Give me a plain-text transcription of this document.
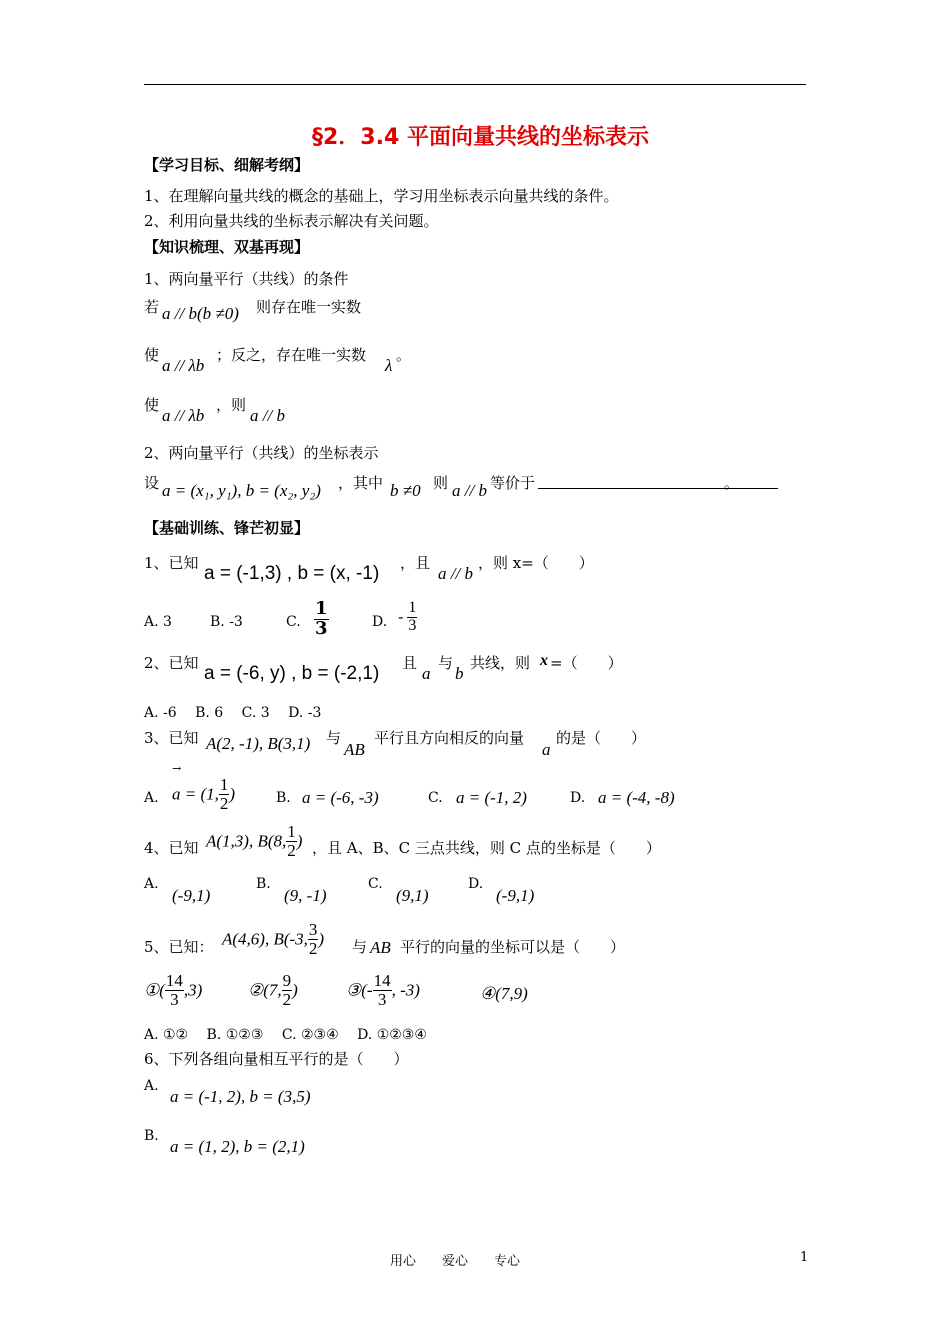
§2．3.4 平面向量共线的坐标表示
【学习目标、细解考纲】
1、在理解向量共线的概念的基础上，学习用坐标表示向量共线的条件。
2、利用向量共线的坐标表示解决有关问题。
【知识梳理、双基再现】
1、两向量平行（共线）的条件
若 a // b(b ≠0) 则存在唯一实数
使
a // λb
；反之，存在唯一实数
λ
。
使
a // λb
，则
a // b
2、两向量平行（共线）的坐标表示
设 a = (x₁, y₁), b = (x₂, y₂) ，其中 b ≠0 则 a // b 等价于	。
【基础训练、锋芒初显】
1、已知 a = (-1,3) , b = (x, -1) ，且
a // b
，则 x=（　　）
A. 3	B. -3	C. $\frac{1}{3}$	D. - $\frac{1}{3}$
2、已知 a = (-6, y) , b = (-2,1) 且
a
与
b
共线，则 x =（　　）
A. -6　 B. 6　 C. 3　 D. -3
3、已知 A(2, -1), B(3,1) 与
AB
平行且方向相反的向量
a
的是（　　）
→
A. a = (1, $\frac{1}{2}$ )	B. a = (-6, -3)	C. a = (-1, 2)	D. a = (-4, -8)
4、已知 A(1,3), B(8, $\frac{1}{2}$ ) ，且 A、B、C 三点共线，则 C 点的坐标是（　　）
A.
(-9,1)
B.
(9, -1)
C.
(9,1)
D.
(-9,1)
5、已知： A(4,6), B(-3, $\frac{3}{2}$ ) 与 AB 平行的向量的坐标可以是（　　）
①( $\frac{14}{3} ,3$)	②(7, $\frac{9}{2}$ )	③(- $\frac{14}{3}$ , -3)	④(7,9)
A. ①②　 B. ①②③　 C. ②③④　 D. ①②③④
6、下列各组向量相互平行的是（　　）
A.
a = (-1, 2), b = (3,5)
B.
a = (1, 2), b = (2,1)
用心　　爱心　　专心	1
